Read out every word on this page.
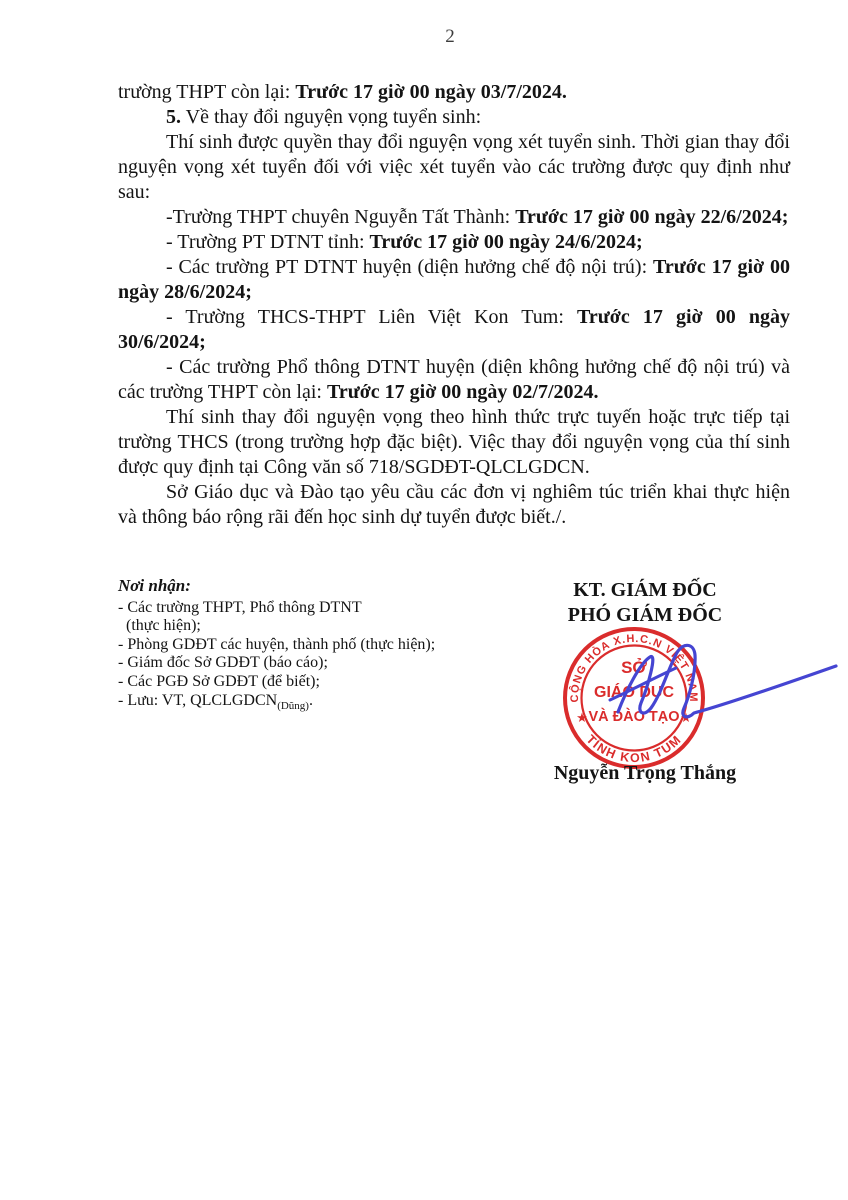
2

trường THPT còn lại: Trước 17 giờ 00 ngày 03/7/2024.

5. Về thay đổi nguyện vọng tuyển sinh:

Thí sinh được quyền thay đổi nguyện vọng xét tuyển sinh. Thời gian thay đổi nguyện vọng xét tuyển đối với việc xét tuyển vào các trường được quy định như sau:

-Trường THPT chuyên Nguyễn Tất Thành: Trước 17 giờ 00 ngày 22/6/2024;

- Trường PT DTNT tỉnh: Trước 17 giờ 00 ngày 24/6/2024;

- Các trường PT DTNT huyện (diện hưởng chế độ nội trú): Trước 17 giờ 00 ngày 28/6/2024;

- Trường THCS-THPT Liên Việt Kon Tum: Trước 17 giờ 00 ngày 30/6/2024;

- Các trường Phổ thông DTNT huyện (diện không hưởng chế độ nội trú) và các trường THPT còn lại: Trước 17 giờ 00 ngày 02/7/2024.

Thí sinh thay đổi nguyện vọng theo hình thức trực tuyến hoặc trực tiếp tại trường THCS (trong trường hợp đặc biệt). Việc thay đổi nguyện vọng của thí sinh được quy định tại Công văn số 718/SGDĐT-QLCLGDCN.

Sở Giáo dục và Đào tạo yêu cầu các đơn vị nghiêm túc triển khai thực hiện và thông báo rộng rãi đến học sinh dự tuyển được biết./.

Nơi nhận:
- Các trường THPT, Phổ thông DTNT
(thực hiện);
- Phòng GDĐT các huyện, thành phố (thực hiện);
- Giám đốc Sở GDĐT (báo cáo);
- Các PGĐ Sở GDĐT (để biết);
- Lưu: VT, $QLCLGDCN_{(Dũng)}$.
KT. GIÁM ĐỐC
PHÓ GIÁM ĐỐC
CỘNG HÒA X.H.C.N VIỆT NAM
TỈNH KON TUM
SỞ
GIÁO DỤC
VÀ ĐÀO TẠO
★	★
Nguyễn Trọng Thắng
